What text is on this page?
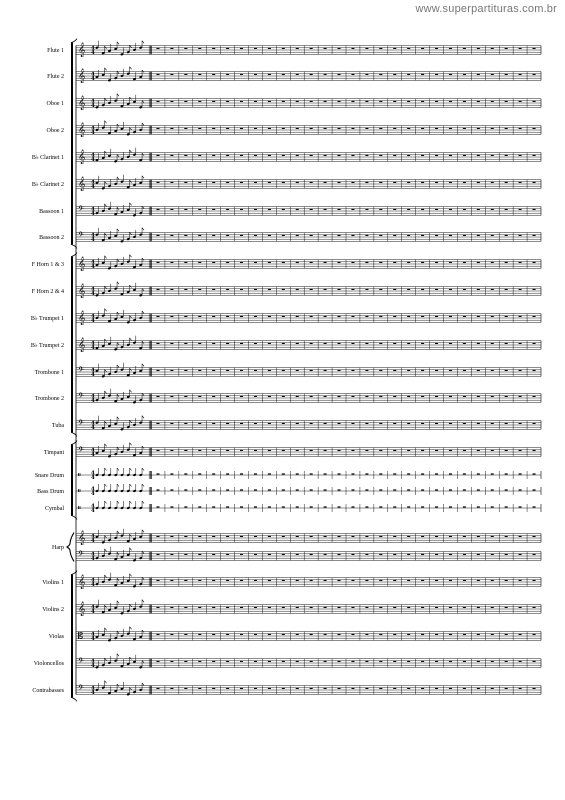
www.superpartituras.com.br
𝄞 4
4
Flute 1
𝄞 4
4
Flute 2
𝄞 4
4
Oboe 1
𝄞 4
4
Oboe 2
𝄞 4
4
B♭ Clarinet 1
𝄞 4
4
B♭ Clarinet 2
𝄢 4
4
Bassoon 1
𝄢 4
4
Bassoon 2
𝄞 4
4
F Horn 1 & 3
𝄞 4
4
F Horn 2 & 4
𝄞 4
4
B♭ Trumpet 1
𝄞 4
4
B♭ Trumpet 2
𝄢 4
4
Trombone 1
𝄢 4
4
Trombone 2
𝄢 4
4
Tuba
𝄢 4
4
Timpani
𝄥 4
4
Snare Drum
𝄥 4
4
Bass Drum
𝄥 4
4
Cymbal
𝄞 4
4
𝄢 4
4
Harp
𝄞 4
4
Violins 1
𝄞 4
4
Violins 2
𝄡 4
4
Violas
𝄢 4
4
Violoncellos
𝄢 4
4
Contrabasses
